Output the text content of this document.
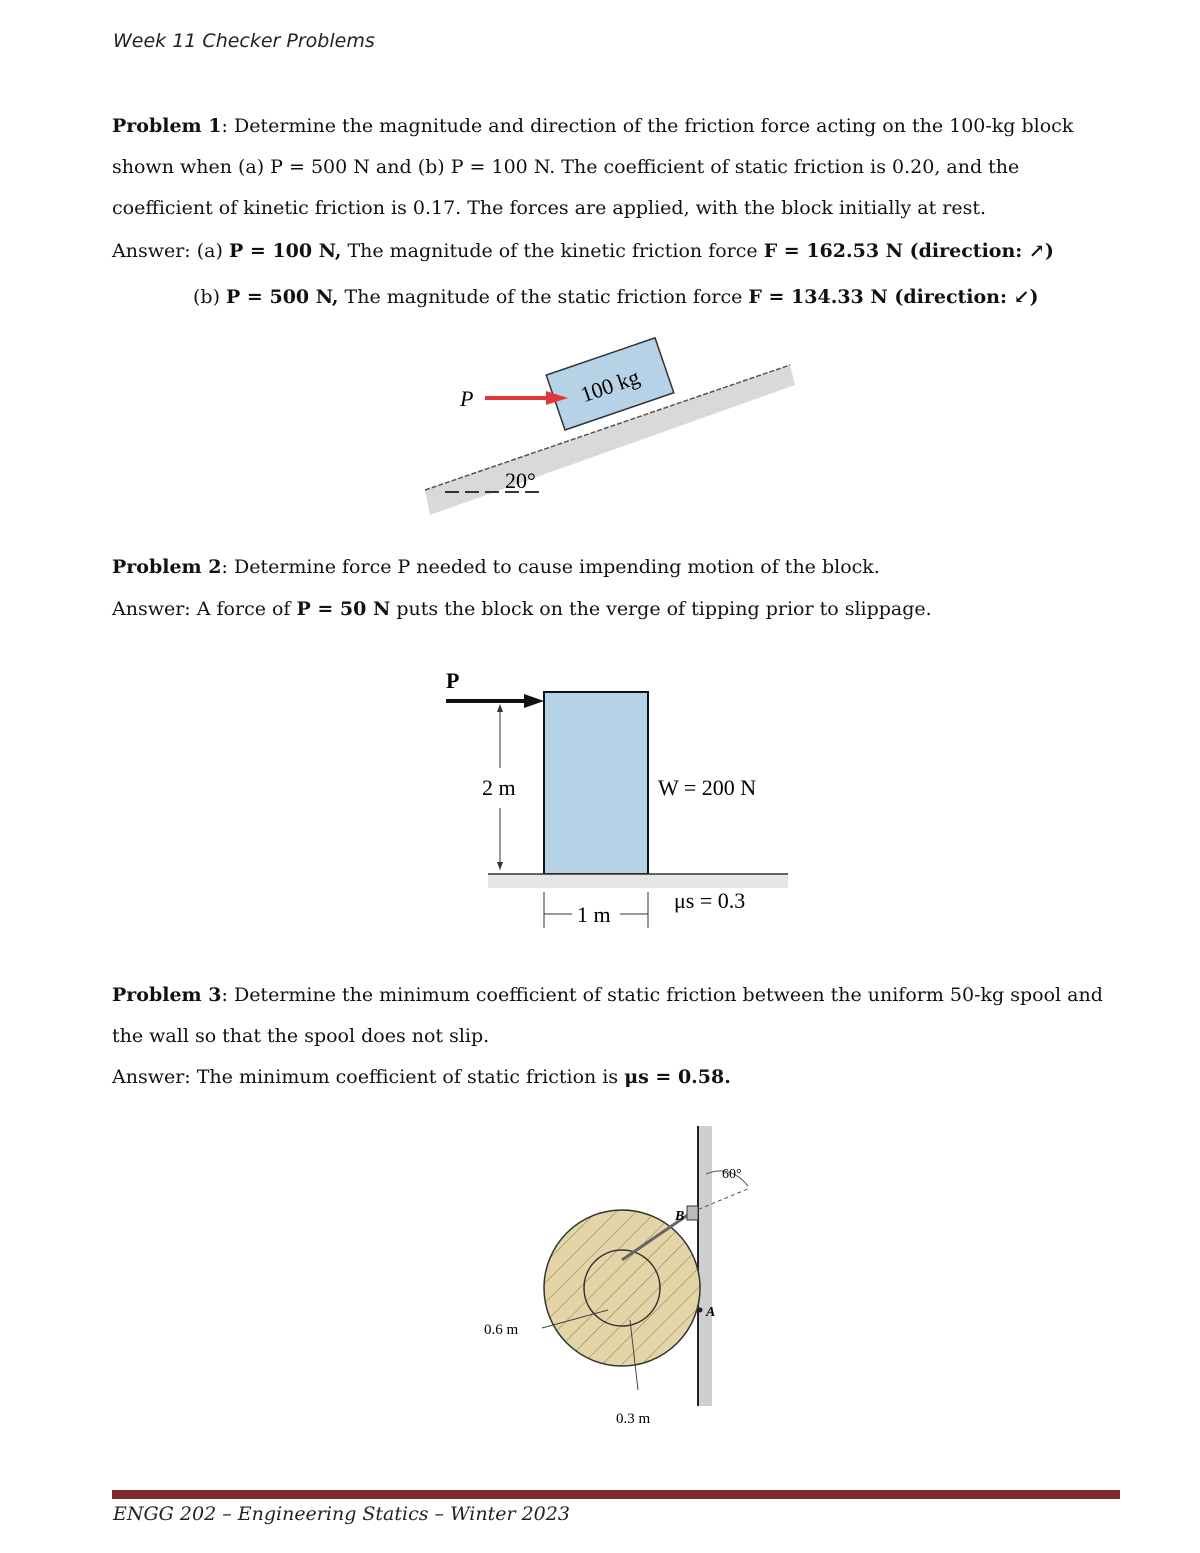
Week 11 Checker Problems

Problem 1: Determine the magnitude and direction of the friction force acting on the 100-kg block shown when (a) P = 500 N and (b) P = 100 N. The coefficient of static friction is 0.20, and the coefficient of kinetic friction is 0.17. The forces are applied, with the block initially at rest.

Answer: (a) P = 100 N, The magnitude of the kinetic friction force F = 162.53 N (direction: ↗)
(b) P = 500 N, The magnitude of the static friction force F = 134.33 N (direction: ↙)
20°
100 kg
P

Problem 2: Determine force P needed to cause impending motion of the block.

Answer: A force of P = 50 N puts the block on the verge of tipping prior to slippage.
P
2 m	W = 200 N
1 m
μs = 0.3

Problem 3: Determine the minimum coefficient of static friction between the uniform 50-kg spool and the wall so that the spool does not slip.

Answer: The minimum coefficient of static friction is μs = 0.58.
B
A
60°
0.6 m
0.3 m
ENGG 202 – Engineering Statics – Winter 2023
